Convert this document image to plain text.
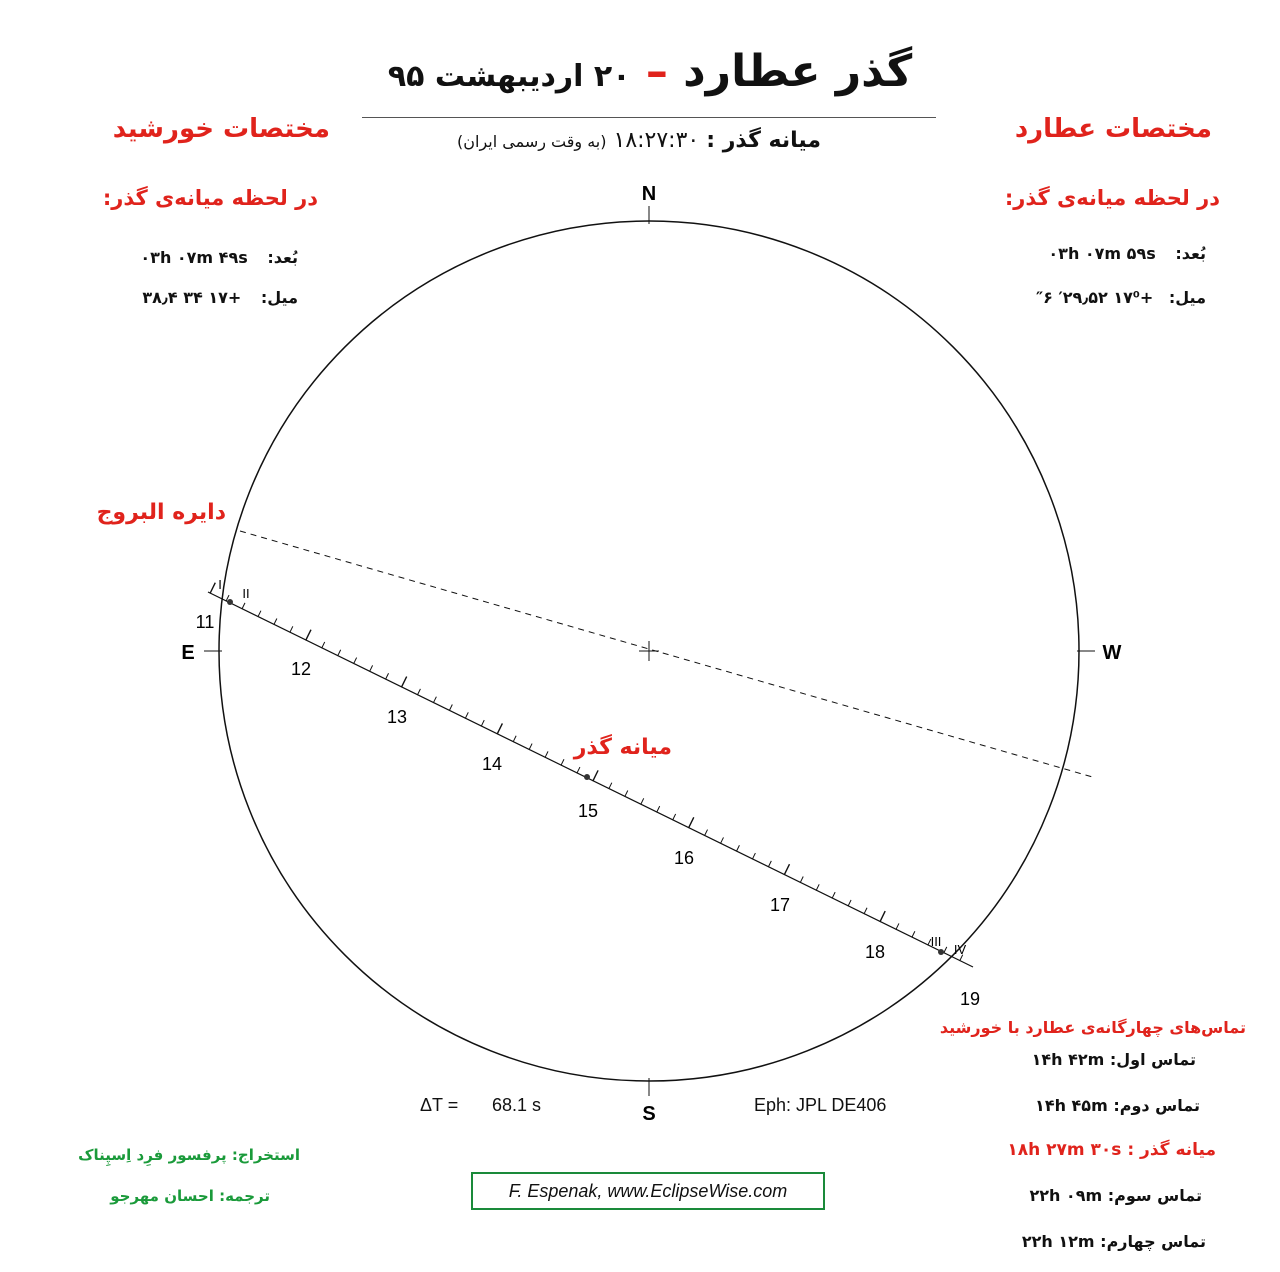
گذر عطارد – ۲۰ اردیبهشت ۹۵
میانه گذر : ۱۸:۲۷:۳۰ (به وقت رسمی ایران)
مختصات خورشید
در لحظه میانه‌ی گذر:
بُعد: ۰۳h ۰۷m ۴۹s
میل: +۱۷ ۳۴ ۳۸٫۴
مختصات عطارد
در لحظه میانه‌ی گذر:
بُعد: ۰۳h ۰۷m ۵۹s
میل: +۱۷⁰ ۲۹٫۵۲′ ۶″
N
S
E	W
I
II
III
IV
11
12
13
14
15
16
17
18
19
دایره البروج
میانه گذر
ΔT = 68.1 s	Eph: JPL DE406
F. Espenak, www.EclipseWise.com
استخراج: پرفسور فرِد اِسپِناک
ترجمه: احسان مهرجو
تماس‌های چهارگانه‌ی عطارد با خورشید
تماس اول: ۱۴h ۴۲m
تماس دوم: ۱۴h ۴۵m
میانه گذر : ۱۸h ۲۷m ۳۰s
تماس سوم: ۲۲h ۰۹m
تماس چهارم: ۲۲h ۱۲m
